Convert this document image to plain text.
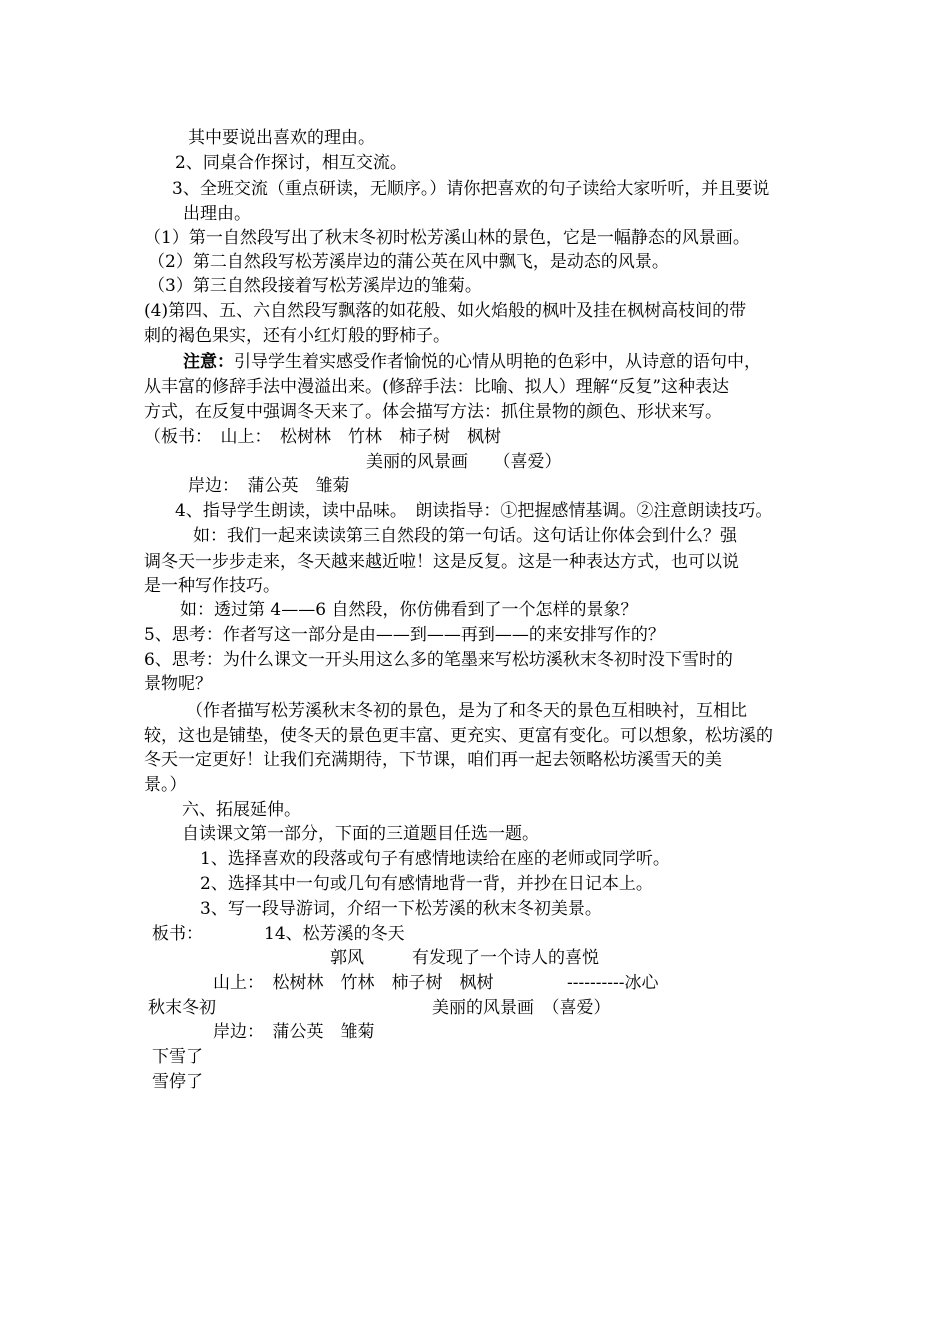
其中要说出喜欢的理由。
2、同桌合作探讨，相互交流。
3、全班交流（重点研读，无顺序。）请你把喜欢的句子读给大家听听，并且要说
出理由。
（1）第一自然段写出了秋末冬初时松芳溪山林的景色，它是一幅静态的风景画。
（2）第二自然段写松芳溪岸边的蒲公英在风中飘飞，是动态的风景。
（3）第三自然段接着写松芳溪岸边的雏菊。
(4)第四、五、六自然段写飘落的如花般、如火焰般的枫叶及挂在枫树高枝间的带
刺的褐色果实，还有小红灯般的野柿子。
注意：引导学生着实感受作者愉悦的心情从明艳的色彩中，从诗意的语句中，
从丰富的修辞手法中漫溢出来。(修辞手法：比喻、拟人）理解“反复”这种表达
方式，在反复中强调冬天来了。体会描写方法：抓住景物的颜色、形状来写。
（板书：　山上：　松树林　竹林　柿子树　枫树
美丽的风景画　　（喜爱）
岸边：　蒲公英　雏菊
4、指导学生朗读，读中品味。　朗读指导：①把握感情基调。②注意朗读技巧。
如：我们一起来读读第三自然段的第一句话。这句话让你体会到什么？强
调冬天一步步走来，冬天越来越近啦！这是反复。这是一种表达方式，也可以说
是一种写作技巧。
如：透过第 4——6 自然段，你仿佛看到了一个怎样的景象？
5、思考：作者写这一部分是由——到——再到——的来安排写作的？
6、思考：为什么课文一开头用这么多的笔墨来写松坊溪秋末冬初时没下雪时的
景物呢？
（作者描写松芳溪秋末冬初的景色，是为了和冬天的景色互相映衬，互相比
较，这也是铺垫，使冬天的景色更丰富、更充实、更富有变化。可以想象，松坊溪的
冬天一定更好！让我们充满期待，下节课，咱们再一起去领略松坊溪雪天的美
景。）
六、拓展延伸。
自读课文第一部分，下面的三道题目任选一题。
1、选择喜欢的段落或句子有感情地读给在座的老师或同学听。
2、选择其中一句或几句有感情地背一背，并抄在日记本上。
3、写一段导游词，介绍一下松芳溪的秋末冬初美景。
板书：	14、松芳溪的冬天
郭风	有发现了一个诗人的喜悦
山上：　松树林　竹林　柿子树　枫树	----------冰心
秋末冬初	美丽的风景画　（喜爱）
岸边：　蒲公英　雏菊
下雪了
雪停了
